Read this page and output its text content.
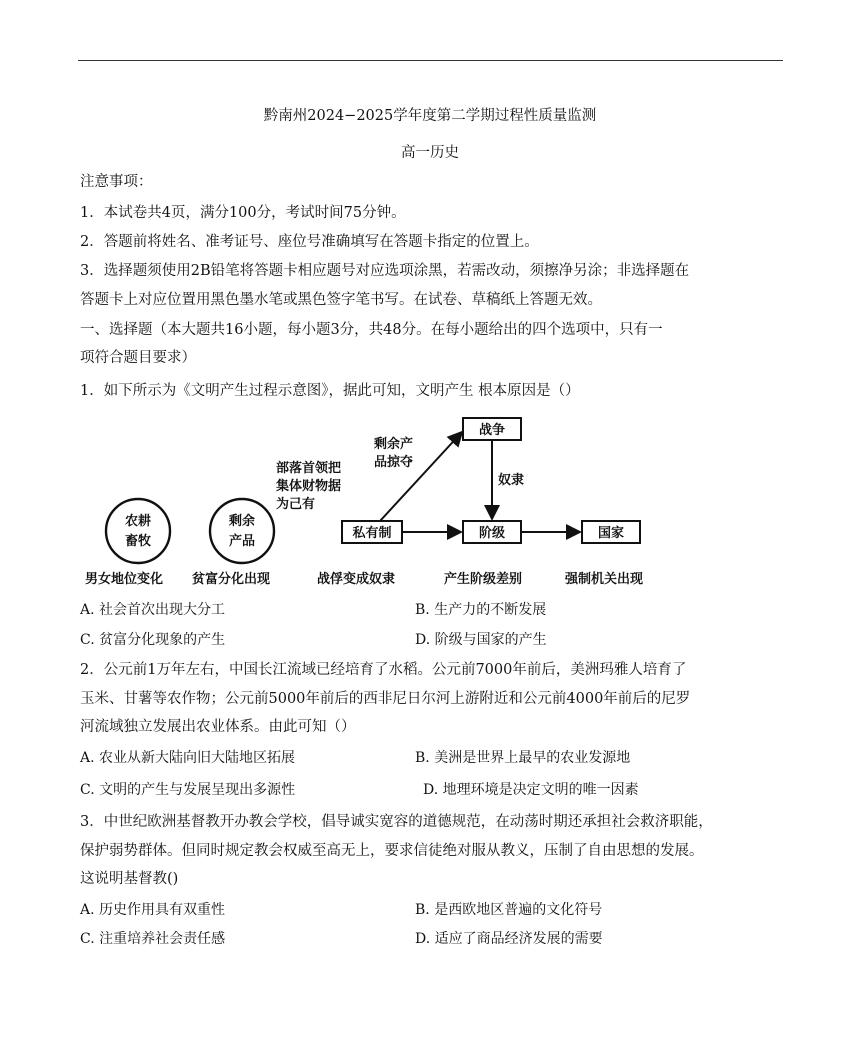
黔南州2024−2025学年度第二学期过程性质量监测
高一历史
注意事项：
1．本试卷共4页，满分100分，考试时间75分钟。
2．答题前将姓名、准考证号、座位号准确填写在答题卡指定的位置上。
3．选择题须使用2B铅笔将答题卡相应题号对应选项涂黑，若需改动，须擦净另涂；非选择题在
答题卡上对应位置用黑色墨水笔或黑色签字笔书写。在试卷、草稿纸上答题无效。
一、选择题（本大题共16小题，每小题3分，共48分。在每小题给出的四个选项中，只有一
项符合题目要求）
1．如下所示为《文明产生过程示意图》，据此可知，文明产生 根本原因是（）
农耕
畜牧
剩余
产品
私有制	阶级	国家
战争
部落首领把
集体财物据
为己有
剩余产
品掠夺
奴隶
男女地位变化 贫富分化出现	战俘变成奴隶	产生阶级差别	强制机关出现
A. 社会首次出现大分工	B. 生产力的不断发展
C. 贫富分化现象的产生	D. 阶级与国家的产生
2．公元前1万年左右，中国长江流域已经培育了水稻。公元前7000年前后，美洲玛雅人培育了
玉米、甘薯等农作物；公元前5000年前后的西非尼日尔河上游附近和公元前4000年前后的尼罗
河流域独立发展出农业体系。由此可知（）
A. 农业从新大陆向旧大陆地区拓展	B. 美洲是世界上最早的农业发源地
C. 文明的产生与发展呈现出多源性	D. 地理环境是决定文明的唯一因素
3．中世纪欧洲基督教开办教会学校，倡导诚实宽容的道德规范，在动荡时期还承担社会救济职能，
保护弱势群体。但同时规定教会权威至高无上，要求信徒绝对服从教义，压制了自由思想的发展。
这说明基督教()
A. 历史作用具有双重性	B. 是西欧地区普遍的文化符号
C. 注重培养社会责任感	D. 适应了商品经济发展的需要
